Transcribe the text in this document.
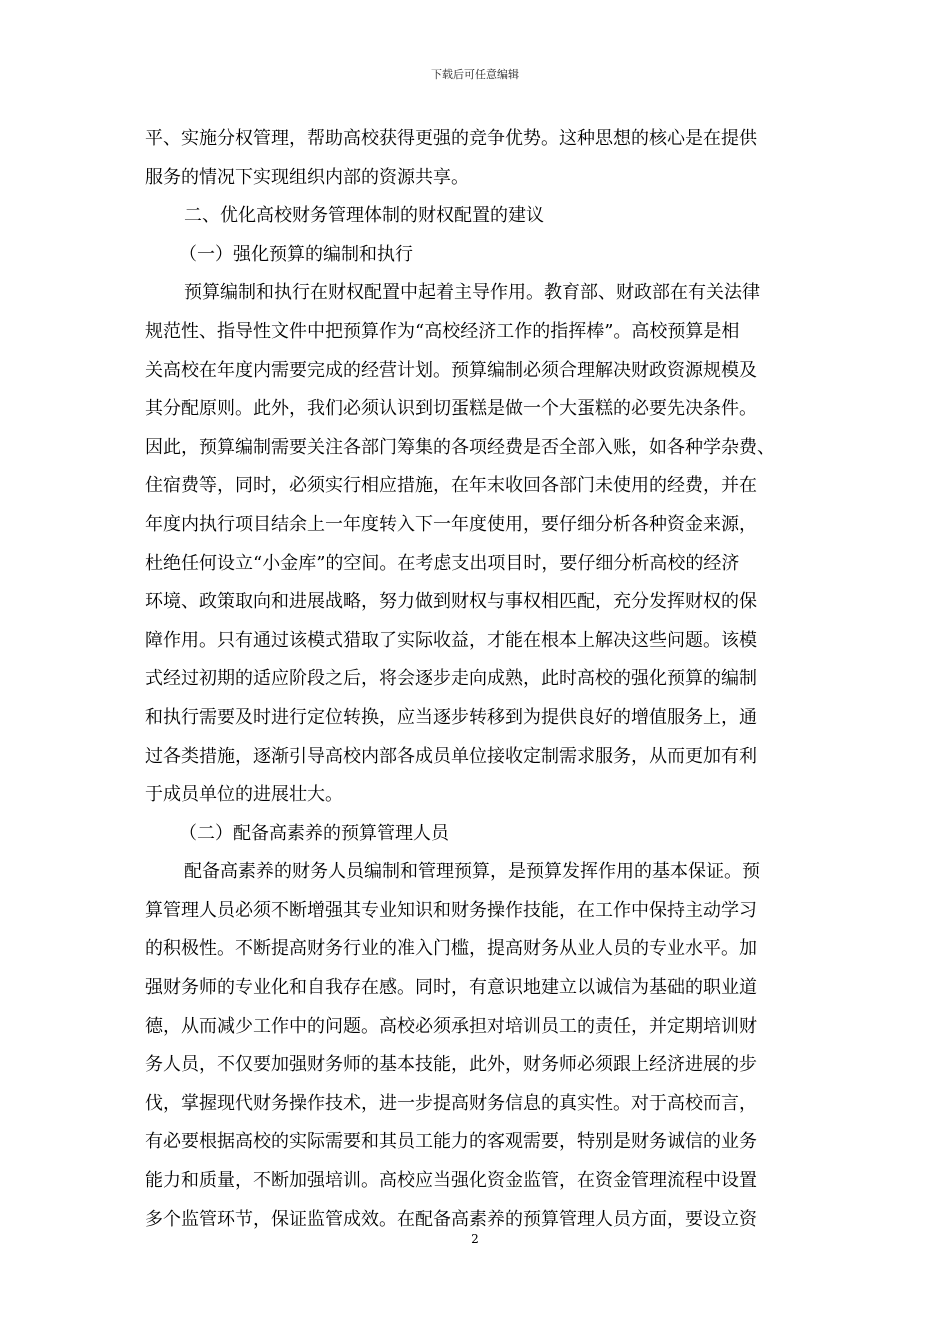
下载后可任意编辑
平、实施分权管理，帮助高校获得更强的竞争优势。这种思想的核心是在提供
服务的情况下实现组织内部的资源共享。
二、优化高校财务管理体制的财权配置的建议
（一）强化预算的编制和执行
预算编制和执行在财权配置中起着主导作用。教育部、财政部在有关法律
规范性、指导性文件中把预算作为“高校经济工作的指挥棒”。高校预算是相
关高校在年度内需要完成的经营计划。预算编制必须合理解决财政资源规模及
其分配原则。此外，我们必须认识到切蛋糕是做一个大蛋糕的必要先决条件。
因此，预算编制需要关注各部门筹集的各项经费是否全部入账，如各种学杂费、
住宿费等，同时，必须实行相应措施，在年末收回各部门未使用的经费，并在
年度内执行项目结余上一年度转入下一年度使用，要仔细分析各种资金来源，
杜绝任何设立“小金库”的空间。在考虑支出项目时，要仔细分析高校的经济
环境、政策取向和进展战略，努力做到财权与事权相匹配，充分发挥财权的保
障作用。只有通过该模式猎取了实际收益，才能在根本上解决这些问题。该模
式经过初期的适应阶段之后，将会逐步走向成熟，此时高校的强化预算的编制
和执行需要及时进行定位转换，应当逐步转移到为提供良好的增值服务上，通
过各类措施，逐渐引导高校内部各成员单位接收定制需求服务，从而更加有利
于成员单位的进展壮大。
（二）配备高素养的预算管理人员
配备高素养的财务人员编制和管理预算，是预算发挥作用的基本保证。预
算管理人员必须不断增强其专业知识和财务操作技能，在工作中保持主动学习
的积极性。不断提高财务行业的准入门槛，提高财务从业人员的专业水平。加
强财务师的专业化和自我存在感。同时，有意识地建立以诚信为基础的职业道
德，从而减少工作中的问题。高校必须承担对培训员工的责任，并定期培训财
务人员，不仅要加强财务师的基本技能，此外，财务师必须跟上经济进展的步
伐，掌握现代财务操作技术，进一步提高财务信息的真实性。对于高校而言，
有必要根据高校的实际需要和其员工能力的客观需要，特别是财务诚信的业务
能力和质量，不断加强培训。高校应当强化资金监管，在资金管理流程中设置
多个监管环节，保证监管成效。在配备高素养的预算管理人员方面，要设立资
2
